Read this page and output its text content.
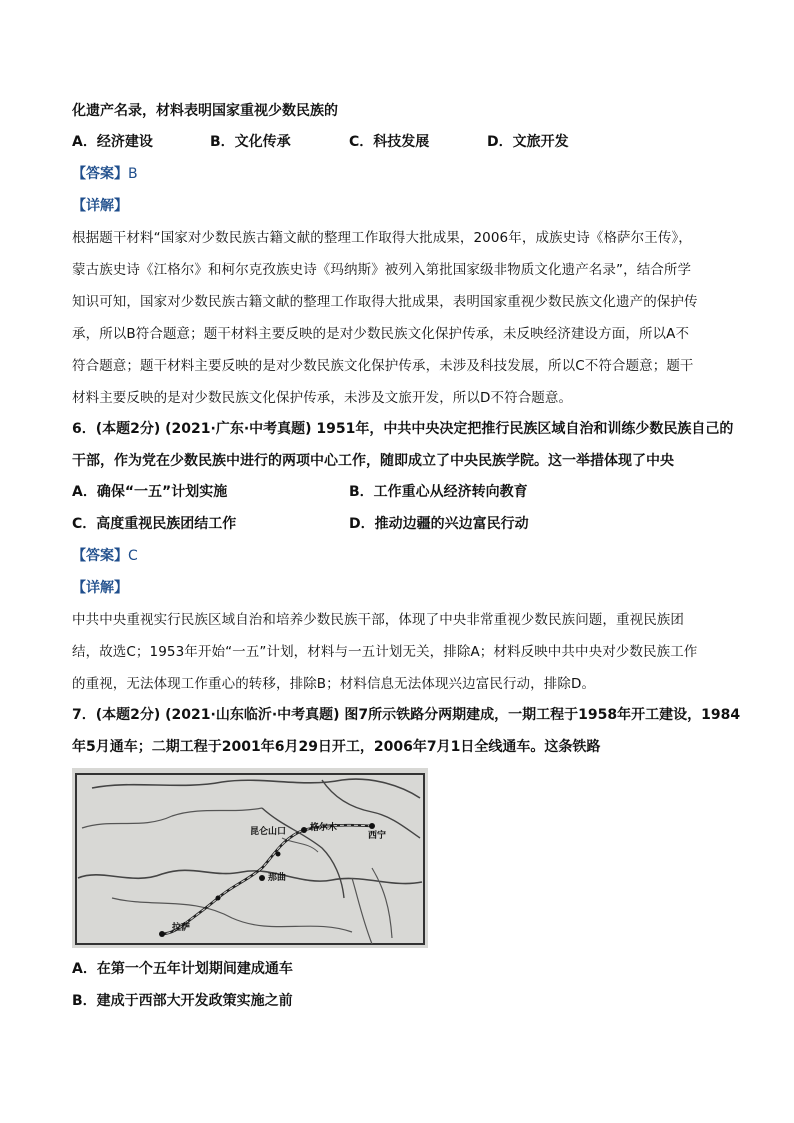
化遗产名录，材料表明国家重视少数民族的
A．经济建设	B．文化传承	C．科技发展	D．文旅开发
【答案】B
【详解】
根据题干材料“国家对少数民族古籍文献的整理工作取得大批成果，2006年，成族史诗《格萨尔王传》，
蒙古族史诗《江格尔》和柯尔克孜族史诗《玛纳斯》被列入第批国家级非物质文化遗产名录”，结合所学
知识可知，国家对少数民族古籍文献的整理工作取得大批成果，表明国家重视少数民族文化遗产的保护传
承，所以B符合题意；题干材料主要反映的是对少数民族文化保护传承，未反映经济建设方面，所以A不
符合题意；题干材料主要反映的是对少数民族文化保护传承，未涉及科技发展，所以C不符合题意；题干
材料主要反映的是对少数民族文化保护传承，未涉及文旅开发，所以D不符合题意。
6．(本题2分) (2021·广东·中考真题) 1951年，中共中央决定把推行民族区域自治和训练少数民族自己的
干部，作为党在少数民族中进行的两项中心工作，随即成立了中央民族学院。这一举措体现了中央
A．确保“一五”计划实施	B．工作重心从经济转向教育
C．高度重视民族团结工作	D．推动边疆的兴边富民行动
【答案】C
【详解】
中共中央重视实行民族区域自治和培养少数民族干部，体现了中央非常重视少数民族问题，重视民族团
结，故选C；1953年开始“一五”计划，材料与一五计划无关，排除A；材料反映中共中央对少数民族工作
的重视，无法体现工作重心的转移，排除B；材料信息无法体现兴边富民行动，排除D。
7．(本题2分) (2021·山东临沂·中考真题) 图7所示铁路分两期建成，一期工程于1958年开工建设，1984
年5月通车；二期工程于2001年6月29日开工，2006年7月1日全线通车。这条铁路
昆仑山口	格尔木
西宁
那曲
拉萨
A．在第一个五年计划期间建成通车
B．建成于西部大开发政策实施之前
